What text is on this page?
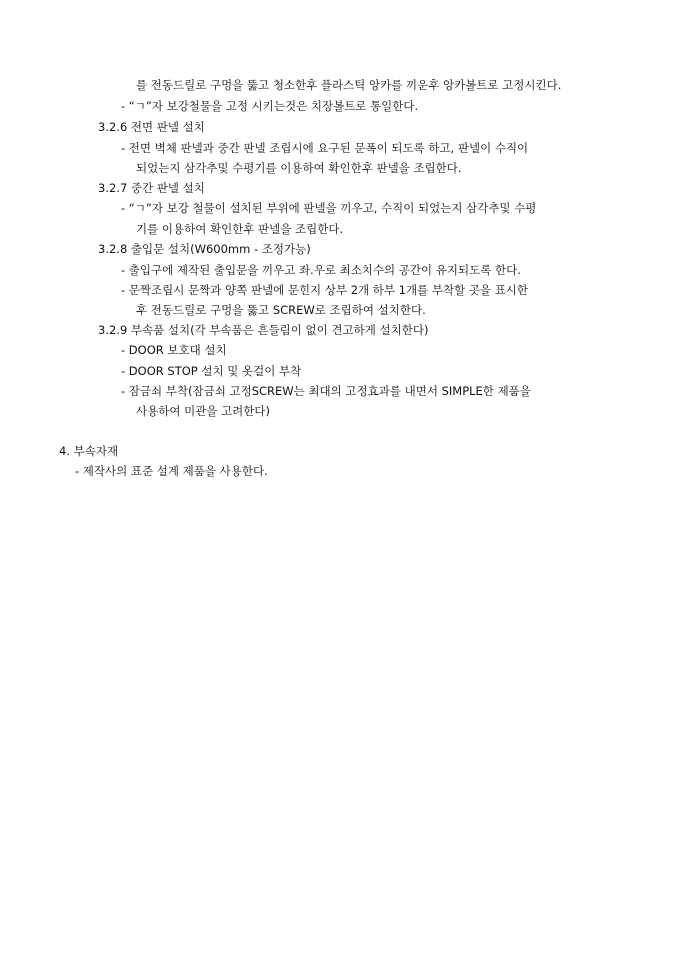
를 전동드릴로 구멍을 뚫고 청소한후 플라스틱 앙카를 끼운후 앙카볼트로 고정시킨다.
- “ㄱ”자 보강철물을 고정 시키는것은 치장볼트로 통일한다.
3.2.6 전면 판넬 설치
- 전면 벽체 판넬과 중간 판넬 조립시에 요구된 문폭이 되도록 하고, 판넬이 수직이
되었는지 삼각추및 수평기를 이용하여 확인한후 판넬을 조립한다.
3.2.7 중간 판넬 설치
- “ㄱ”자 보강 철물이 설치된 부위에 판넬을 끼우고, 수직이 되었는지 삼각추및 수평
기를 이용하여 확인한후 판넬을 조립한다.
3.2.8 출입문 설치(W600mm - 조정가능)
- 출입구에 제작된 출입문을 끼우고 좌.우로 최소치수의 공간이 유지되도록 한다.
- 문짝조립시 문짝과 양쪽 판넬에 문힌지 상부 2개 하부 1개를 부착할 곳을 표시한
후 전동드릴로 구멍을 뚫고 SCREW로 조립하여 설치한다.
3.2.9 부속품 설치(각 부속품은 흔들림이 없이 견고하게 설치한다)
- DOOR 보호대 설치
- DOOR STOP 설치 및 옷걸이 부착
- 잠금쇠 부착(잠금쇠 고정SCREW는 최대의 고정효과를 내면서 SIMPLE한 제품을
사용하여 미관을 고려한다)
4. 부속자재
- 제작사의 표준 설계 제품을 사용한다.
